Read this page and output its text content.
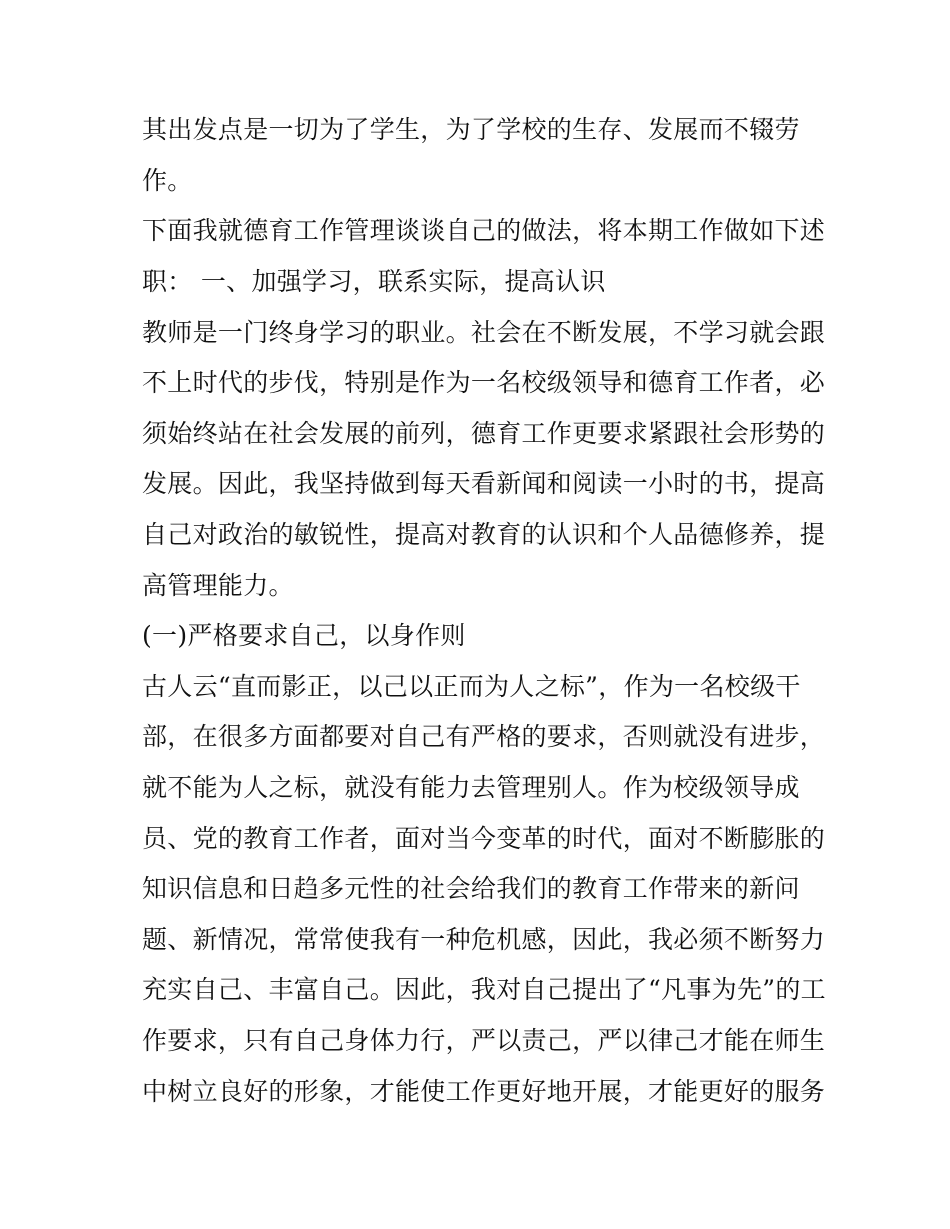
其出发点是一切为了学生，为了学校的生存、发展而不辍劳
作。
下面我就德育工作管理谈谈自己的做法，将本期工作做如下述
职： 一、加强学习，联系实际，提高认识
教师是一门终身学习的职业。社会在不断发展，不学习就会跟
不上时代的步伐，特别是作为一名校级领导和德育工作者，必
须始终站在社会发展的前列，德育工作更要求紧跟社会形势的
发展。因此，我坚持做到每天看新闻和阅读一小时的书，提高
自己对政治的敏锐性，提高对教育的认识和个人品德修养，提
高管理能力。
(一)严格要求自己，以身作则
古人云“直而影正，以己以正而为人之标”，作为一名校级干
部，在很多方面都要对自己有严格的要求，否则就没有进步，
就不能为人之标，就没有能力去管理别人。作为校级领导成
员、党的教育工作者，面对当今变革的时代，面对不断膨胀的
知识信息和日趋多元性的社会给我们的教育工作带来的新问
题、新情况，常常使我有一种危机感，因此，我必须不断努力
充实自己、丰富自己。因此，我对自己提出了“凡事为先”的工
作要求，只有自己身体力行，严以责己，严以律己才能在师生
中树立良好的形象，才能使工作更好地开展，才能更好的服务
